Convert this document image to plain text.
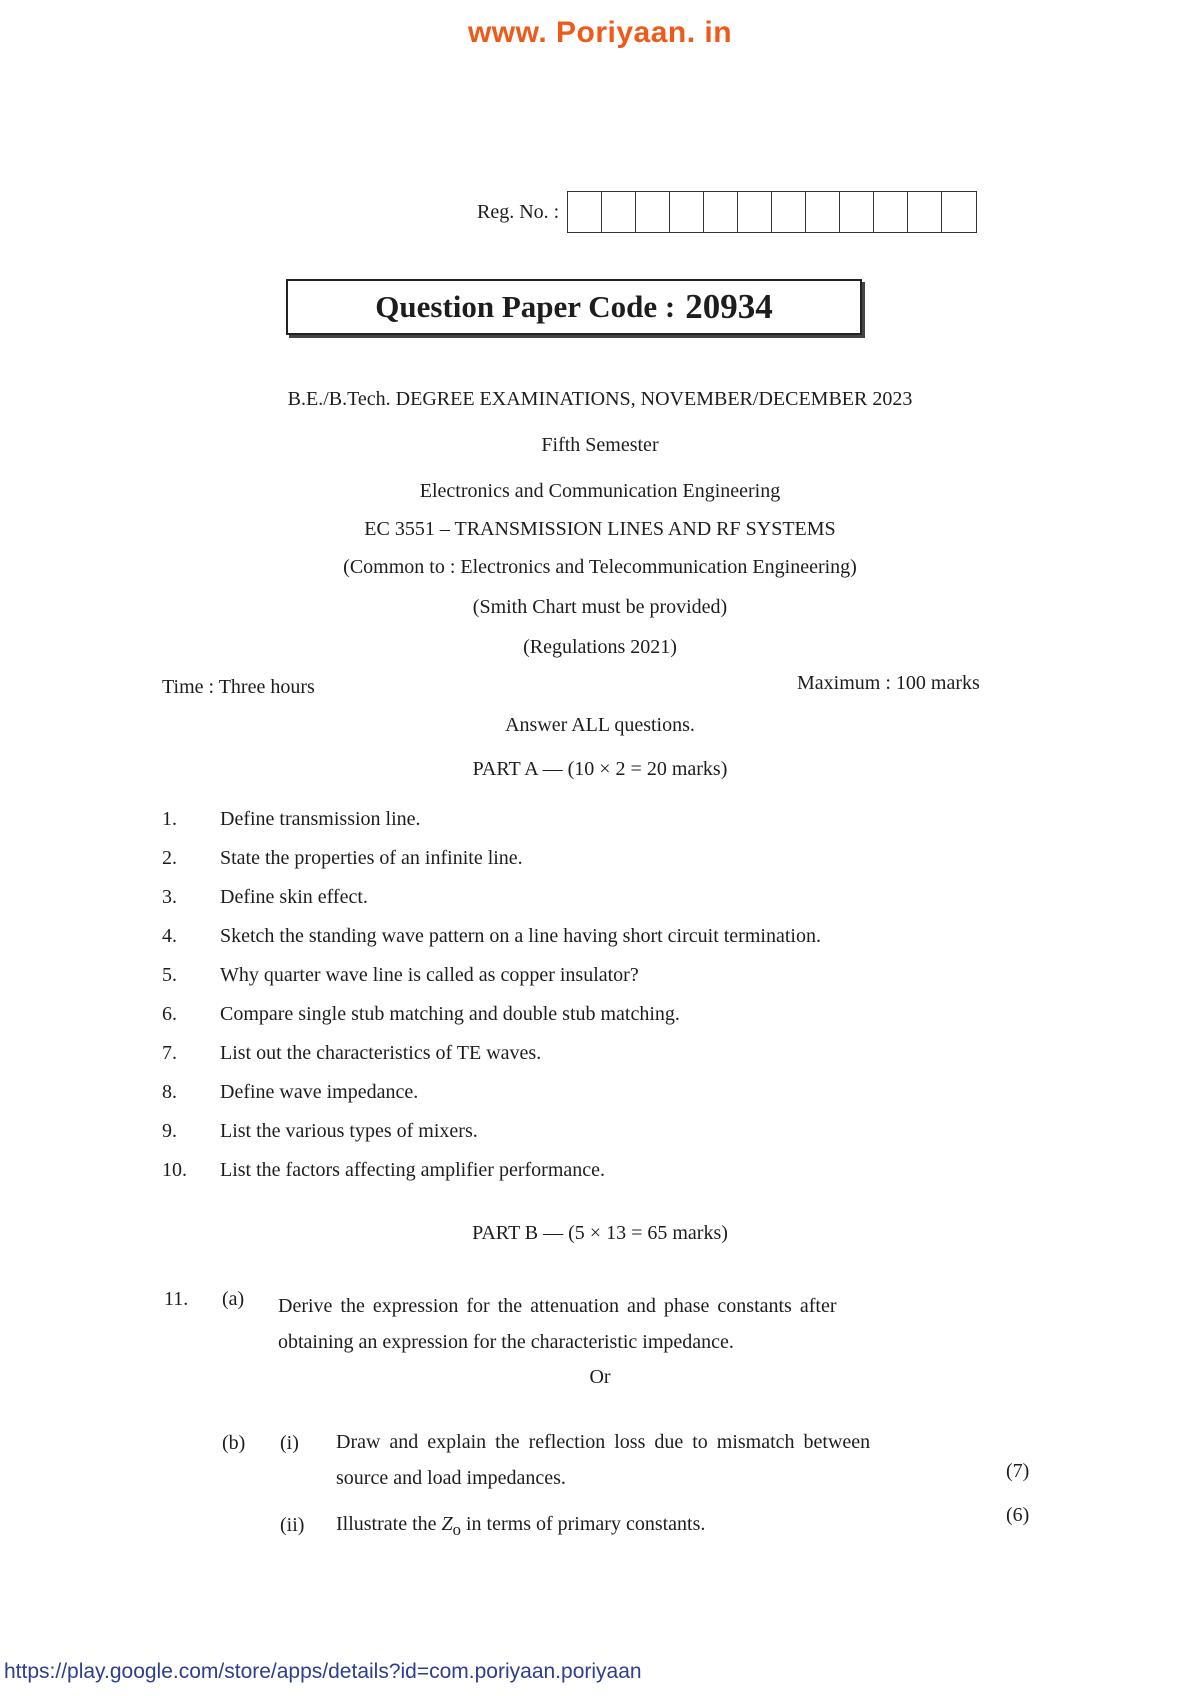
www. Poriyaan. in
Reg. No. :
Question Paper Code : 20934
B.E./B.Tech. DEGREE EXAMINATIONS, NOVEMBER/DECEMBER 2023
Fifth Semester
Electronics and Communication Engineering
EC 3551 – TRANSMISSION LINES AND RF SYSTEMS
(Common to : Electronics and Telecommunication Engineering)
(Smith Chart must be provided)
(Regulations 2021)
Time : Three hours	Maximum : 100 marks
Answer ALL questions.
PART A — (10 × 2 = 20 marks)
1.	Define transmission line.
2.	State the properties of an infinite line.
3.	Define skin effect.
4.	Sketch the standing wave pattern on a line having short circuit termination.
5.	Why quarter wave line is called as copper insulator?
6.	Compare single stub matching and double stub matching.
7.	List out the characteristics of TE waves.
8.	Define wave impedance.
9.	List the various types of mixers.
10.	List the factors affecting amplifier performance.
PART B — (5 × 13 = 65 marks)
11. (a) Derive the expression for the attenuation and phase constants after
obtaining an expression for the characteristic impedance.
Or
(b) (i) Draw and explain the reflection loss due to mismatch between
source and load impedances.	(7)
(ii) Illustrate the $Z_o$ in terms of primary constants.	(6)
https://play.google.com/store/apps/details?id=com.poriyaan.poriyaan
